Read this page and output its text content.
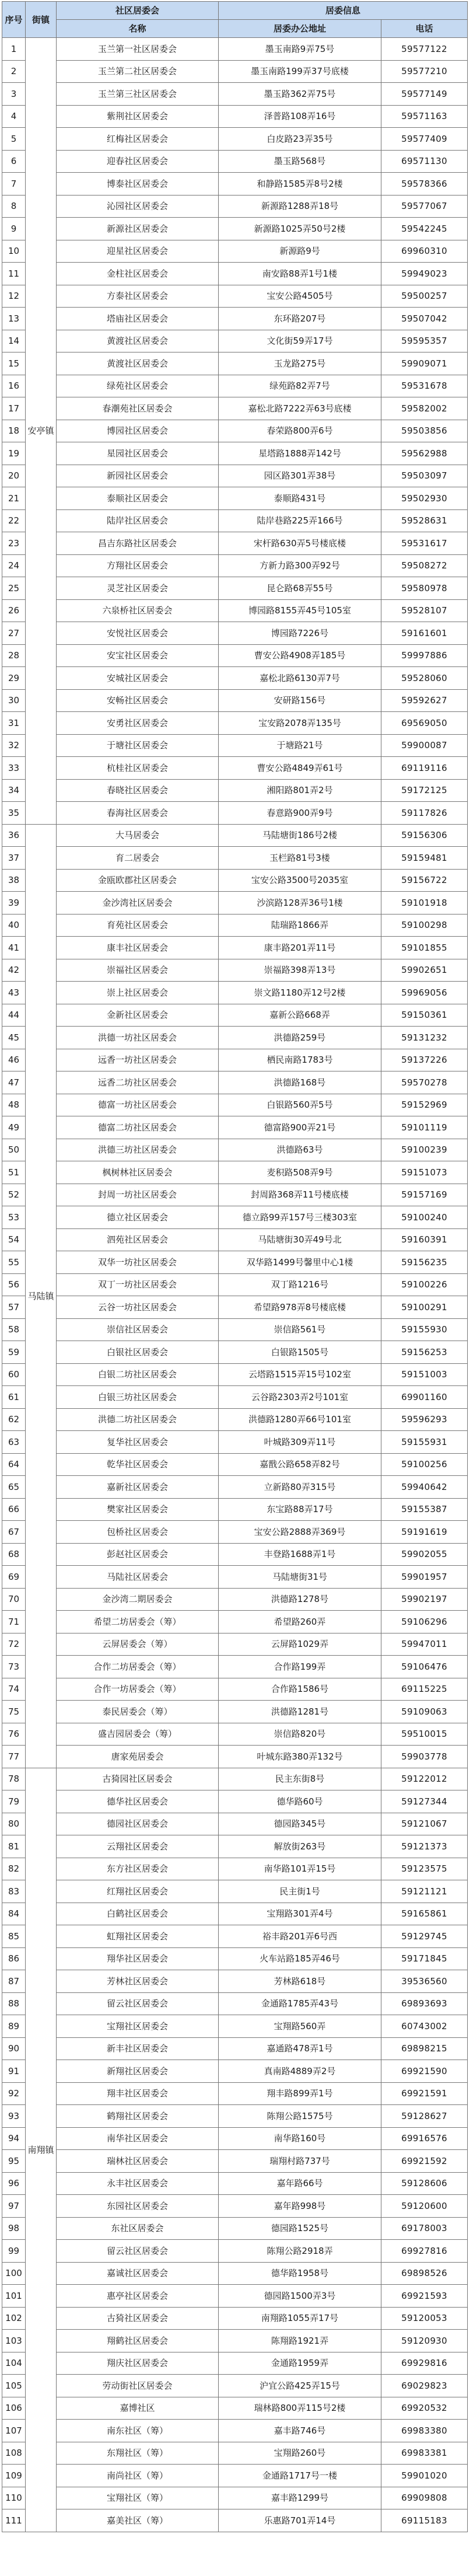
序号	街镇	社区居委会	居委信息	
		名称	居委办公地址	电话
1	安亭镇	玉兰第一社区居委会	墨玉南路9弄75号	59577122
2		玉兰第二社区居委会	墨玉南路199弄37号底楼	59577210
3		玉兰第三社区居委会	墨玉路362弄75号	59577149
4		紫荆社区居委会	泽普路108弄16号	59571163
5		红梅社区居委会	白皮路23弄35号	59577409
6		迎春社区居委会	墨玉路568号	69571130
7		博泰社区居委会	和静路1585弄8号2楼	59578366
8		沁园社区居委会	新源路1288弄18号	59577067
9		新源社区居委会	新源路1025弄50号2楼	59542245
10		迎星社区居委会	新源路9号	69960310
11		金柱社区居委会	南安路88弄1号1楼	59949023
12		方泰社区居委会	宝安公路4505号	59500257
13		塔庙社区居委会	东环路207号	59507042
14		黄渡社区居委会	文化街59弄17号	59595357
15		黄渡社区居委会	玉龙路275号	59909071
16		绿苑社区居委会	绿苑路82弄7号	59531678
17		春潮苑社区居委会	嘉松北路7222弄63号底楼	59582002
18		博园社区居委会	春荣路800弄6号	59503856
19		星园社区居委会	星塔路1888弄142号	59562988
20		新园社区居委会	园区路301弄38号	59503097
21		泰顺社区居委会	泰顺路431号	59502930
22		陆岸社区居委会	陆岸巷路225弄166号	59528631
23		昌吉东路社区居委会	宋杆路630弄5号楼底楼	59531617
24		方翔社区居委会	方新力路300弄92号	59508272
25		灵芝社区居委会	昆仑路68弄55号	59580978
26		六泉桥社区居委会	博园路8155弄45号105室	59528107
27		安悦社区居委会	博园路7226号	59161601
28		安宝社区居委会	曹安公路4908弄185号	59997886
29		安城社区居委会	嘉松北路6130弄7号	59528060
30		安畅社区居委会	安研路156号	59592627
31		安勇社区居委会	宝安路2078弄135号	69569050
32		于塘社区居委会	于塘路21号	59900087
33		杭桂社区居委会	曹安公路4849弄61号	69119116
34		春晓社区居委会	湘阳路801弄2号	59172125
35		春海社区居委会	春意路900弄9号	59117826
36	马陆镇	大马居委会	马陆塘街186号2楼	59156306
37		育二居委会	玉栏路81号3楼	59159481
38		金瓯欧郡社区居委会	宝安公路3500号2035室	59156722
39		金沙湾社区居委会	沙滨路128弄36号1楼	59101918
40		育苑社区居委会	陆瑞路1866弄	59100298
41		康丰社区居委会	康丰路201弄11号	59101855
42		崇福社区居委会	崇福路398弄13号	59902651
43		崇上社区居委会	崇文路1180弄12号2楼	59969056
44		金新社区居委会	嘉新公路668弄	59150361
45		洪德一坊社区居委会	洪德路259号	59131232
46		远香一坊社区居委会	栖民南路1783号	59137226
47		远香二坊社区居委会	洪德路168号	59570278
48		德富一坊社区居委会	白银路560弄5号	59152969
49		德富二坊社区居委会	德富路900弄21号	59101119
50		洪德三坊社区居委会	洪德路63号	59100239
51		枫树林社区居委会	麦积路508弄9号	59151073
52		封周一坊社区居委会	封周路368弄11号楼底楼	59157169
53		德立社区居委会	德立路99弄157号三楼303室	59100240
54		泗苑社区居委会	马陆塘街30弄49号北	59160391
55		双华一坊社区居委会	双华路1499号馨里中心1楼	59156235
56		双丁一坊社区居委会	双丁路1216号	59100226
57		云谷一坊社区居委会	希望路978弄8号楼底楼	59100291
58		崇信社区居委会	崇信路561号	59155930
59		白银社区居委会	白银路1505号	59156253
60		白银二坊社区居委会	云塔路1515弄15号102室	59151003
61		白银三坊社区居委会	云谷路2303弄2号101室	69901160
62		洪德二坊社区居委会	洪德路1280弄66号101室	59596293
63		复华社区居委会	叶城路309弄11号	59155931
64		乾华社区居委会	嘉戬公路658弄82号	59100256
65		嘉新社区居委会	立新路80弄315号	59940642
66		樊家社区居委会	东宝路88弄17号	59155387
67		包桥社区居委会	宝安公路2888弄369号	59191619
68		彭赵社区居委会	丰登路1688弄1号	59902055
69		马陆社区居委会	马陆塘街31号	59901957
70		金沙湾二期居委会	洪德路1278号	59902197
71		希望二坊居委会（筹）	希望路260弄	59106296
72		云屏居委会（筹）	云屏路1029弄	59947011
73		合作二坊居委会（筹）	合作路199弄	59106476
74		合作一坊居委会（筹）	合作路1586号	69115225
75		泰民居委会（筹）	洪德路1281号	59109063
76		盛吉园居委会（筹）	崇信路820号	59510015
77		唐家苑居委会	叶城东路380弄132号	59903778
78	南翔镇	古猗园社区居委会	民主东街8号	59122012
79		德华社区居委会	德华路60号	59127344
80		德园社区居委会	德园路345号	59121067
81		云翔社区居委会	解放街263号	59121373
82		东方社区居委会	南华路101弄15号	59123575
83		红翔社区居委会	民主街1号	59121121
84		白鹤社区居委会	宝翔路301弄4号	59165861
85		虹翔社区居委会	裕丰路201弄6号西	59129745
86		翔华社区居委会	火车站路185弄46号	59171845
87		芳林社区居委会	芳林路618号	39536560
88		留云社区居委会	金通路1785弄43号	69893693
89		宝翔社区居委会	宝翔路560弄	60743002
90		新丰社区居委会	嘉通路478弄1号	69898215
91		新翔社区居委会	真南路4889弄2号	69921590
92		翔丰社区居委会	翔丰路899弄1号	69921591
93		鹤翔社区居委会	陈翔公路1575号	59128627
94		南华社区居委会	南华路160号	69916576
95		瑞林社区居委会	瑞翔村路737号	69921592
96		永丰社区居委会	嘉年路66号	59128606
97		东园社区居委会	嘉年路998号	59120600
98		东社区居委会	德园路1525号	69178003
99		留云社区居委会	陈翔公路2918弄	69927816
100		嘉诚社区居委会	德华路1958号	69898526
101		惠亭社区居委会	德园路1500弄3号	69921593
102		古猗社区居委会	南翔路1055弄17号	59120053
103		翔鹤社区居委会	陈翔路1921弄	59120930
104		翔庆社区居委会	金通路1959弄	69929816
105		劳动街社区居委会	沪宜公路425弄15号	69029823
106		嘉博社区	瑞林路800弄115号2楼	69920532
107		南东社区（筹）	嘉丰路746号	69983380
108		东翔社区（筹）	宝翔路260号	69983381
109		南尚社区（筹）	金通路1717号一楼	59901020
110		宝翔社区（筹）	嘉丰路1299号	69909808
111		嘉美社区（筹）	乐惠路701弄14号	69115183
